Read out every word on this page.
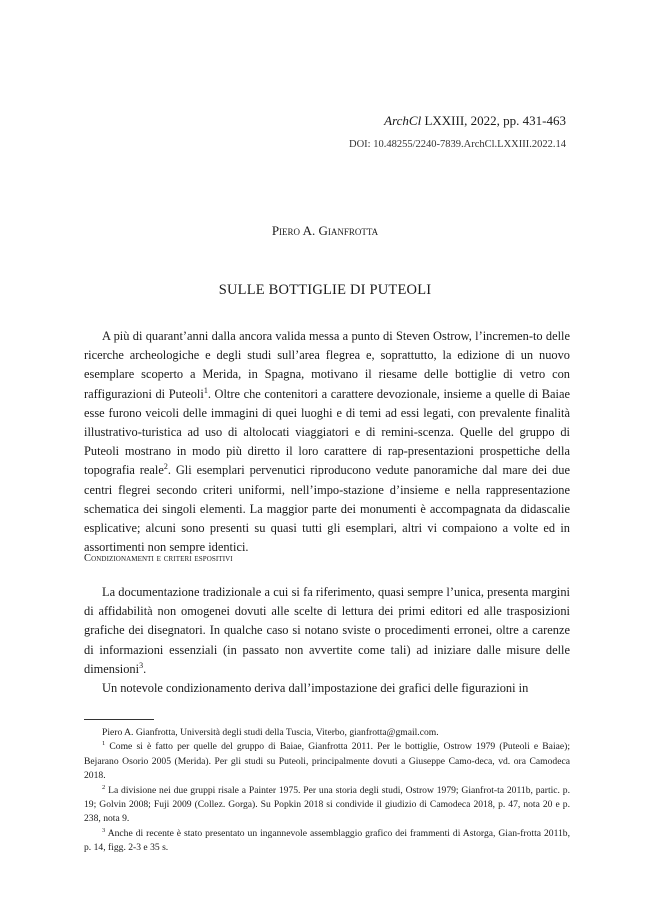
ArchCl LXXIII, 2022, pp. 431-463
DOI: 10.48255/2240-7839.ArchCl.LXXIII.2022.14
Piero A. Gianfrotta
SULLE BOTTIGLIE DI PUTEOLI

A più di quarant’anni dalla ancora valida messa a punto di Steven Ostrow, l’incremen-to delle ricerche archeologiche e degli studi sull’area flegrea e, soprattutto, la edizione di un nuovo esemplare scoperto a Merida, in Spagna, motivano il riesame delle bottiglie di vetro con raffigurazioni di Puteoli$^1$. Oltre che contenitori a carattere devozionale, insieme a quelle di Baiae esse furono veicoli delle immagini di quei luoghi e di temi ad essi legati, con prevalente finalità illustrativo-turistica ad uso di altolocati viaggiatori e di remini-scenza. Quelle del gruppo di Puteoli mostrano in modo più diretto il loro carattere di rap-presentazioni prospettiche della topografia reale$^2$. Gli esemplari pervenutici riproducono vedute panoramiche dal mare dei due centri flegrei secondo criteri uniformi, nell’impo-stazione d’insieme e nella rappresentazione schematica dei singoli elementi. La maggior parte dei monumenti è accompagnata da didascalie esplicative; alcuni sono presenti su quasi tutti gli esemplari, altri vi compaiono a volte ed in assortimenti non sempre identici.

Condizionamenti e criteri espositivi

La documentazione tradizionale a cui si fa riferimento, quasi sempre l’unica, presenta margini di affidabilità non omogenei dovuti alle scelte di lettura dei primi editori ed alle trasposizioni grafiche dei disegnatori. In qualche caso si notano sviste o procedimenti erronei, oltre a carenze di informazioni essenziali (in passato non avvertite come tali) ad iniziare dalle misure delle dimensioni$^3$.

Un notevole condizionamento deriva dall’impostazione dei grafici delle figurazioni in

Piero A. Gianfrotta, Università degli studi della Tuscia, Viterbo, gianfrotta@gmail.com.

$^1$ Come si è fatto per quelle del gruppo di Baiae, Gianfrotta 2011. Per le bottiglie, Ostrow 1979 (Puteoli e Baiae); Bejarano Osorio 2005 (Merida). Per gli studi su Puteoli, principalmente dovuti a Giuseppe Camo-deca, vd. ora Camodeca 2018.

$^2$ La divisione nei due gruppi risale a Painter 1975. Per una storia degli studi, Ostrow 1979; Gianfrot-ta 2011b, partic. p. 19; Golvin 2008; Fuji 2009 (Collez. Gorga). Su Popkin 2018 si condivide il giudizio di Camodeca 2018, p. 47, nota 20 e p. 238, nota 9.

$^3$ Anche di recente è stato presentato un ingannevole assemblaggio grafico dei frammenti di Astorga, Gian-frotta 2011b, p. 14, figg. 2-3 e 35 s.
